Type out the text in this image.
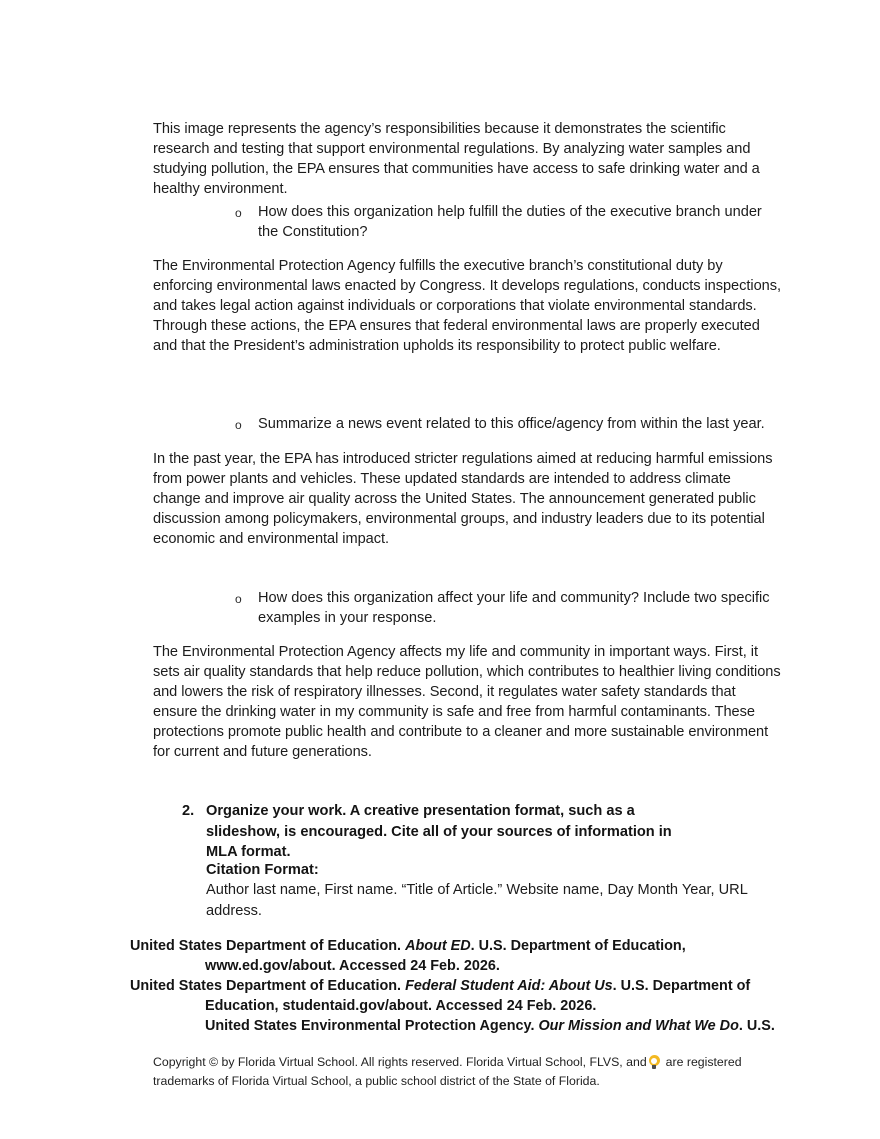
This image represents the agency’s responsibilities because it demonstrates the scientific research and testing that support environmental regulations. By analyzing water samples and studying pollution, the EPA ensures that communities have access to safe drinking water and a healthy environment.

o How does this organization help fulfill the duties of the executive branch under the Constitution?

The Environmental Protection Agency fulfills the executive branch’s constitutional duty by enforcing environmental laws enacted by Congress. It develops regulations, conducts inspections, and takes legal action against individuals or corporations that violate environmental standards. Through these actions, the EPA ensures that federal environmental laws are properly executed and that the President’s administration upholds its responsibility to protect public welfare.

o Summarize a news event related to this office/agency from within the last year.

In the past year, the EPA has introduced stricter regulations aimed at reducing harmful emissions from power plants and vehicles. These updated standards are intended to address climate change and improve air quality across the United States. The announcement generated public discussion among policymakers, environmental groups, and industry leaders due to its potential economic and environmental impact.

o How does this organization affect your life and community? Include two specific examples in your response.

The Environmental Protection Agency affects my life and community in important ways. First, it sets air quality standards that help reduce pollution, which contributes to healthier living conditions and lowers the risk of respiratory illnesses. Second, it regulates water safety standards that ensure the drinking water in my community is safe and free from harmful contaminants. These protections promote public health and contribute to a cleaner and more sustainable environment for current and future generations.

2. Organize your work. A creative presentation format, such as a slideshow, is encouraged. Cite all of your sources of information in MLA format.
Citation Format:
Author last name, First name. “Title of Article.” Website name, Day Month Year, URL address.

United States Department of Education. About ED. U.S. Department of Education, www.ed.gov/about. Accessed 24 Feb. 2026.

United States Department of Education. Federal Student Aid: About Us. U.S. Department of Education, studentaid.gov/about. Accessed 24 Feb. 2026.

United States Environmental Protection Agency. Our Mission and What We Do. U.S.

Copyright © by Florida Virtual School. All rights reserved. Florida Virtual School, FLVS, and are registered trademarks of Florida Virtual School, a public school district of the State of Florida.
